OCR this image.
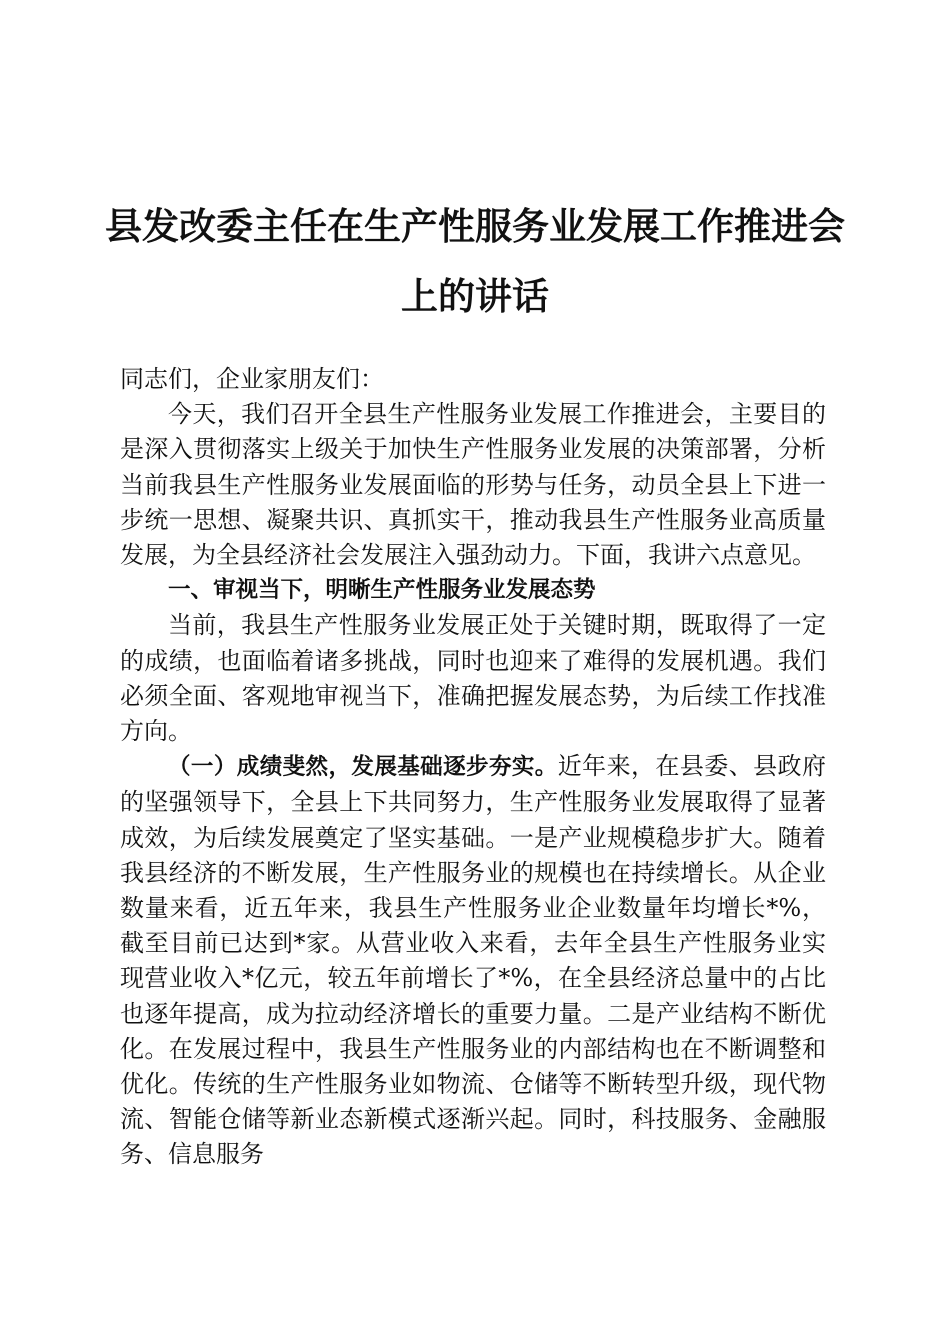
县发改委主任在生产性服务业发展工作推进会
上的讲话

同志们，企业家朋友们：

今天，我们召开全县生产性服务业发展工作推进会，主要目的是深入贯彻落实上级关于加快生产性服务业发展的决策部署，分析当前我县生产性服务业发展面临的形势与任务，动员全县上下进一步统一思想、凝聚共识、真抓实干，推动我县生产性服务业高质量发展，为全县经济社会发展注入强劲动力。下面，我讲六点意见。

一、审视当下，明晰生产性服务业发展态势

当前，我县生产性服务业发展正处于关键时期，既取得了一定的成绩，也面临着诸多挑战，同时也迎来了难得的发展机遇。我们必须全面、客观地审视当下，准确把握发展态势，为后续工作找准方向。

（一）成绩斐然，发展基础逐步夯实。近年来，在县委、县政府的坚强领导下，全县上下共同努力，生产性服务业发展取得了显著成效，为后续发展奠定了坚实基础。一是产业规模稳步扩大。随着我县经济的不断发展，生产性服务业的规模也在持续增长。从企业数量来看，近五年来，我县生产性服务业企业数量年均增长*%，截至目前已达到*家。从营业收入来看，去年全县生产性服务业实现营业收入*亿元，较五年前增长了*%，在全县经济总量中的占比也逐年提高，成为拉动经济增长的重要力量。二是产业结构不断优化。在发展过程中，我县生产性服务业的内部结构也在不断调整和优化。传统的生产性服务业如物流、仓储等不断转型升级，现代物流、智能仓储等新业态新模式逐渐兴起。同时，科技服务、金融服务、信息服务
